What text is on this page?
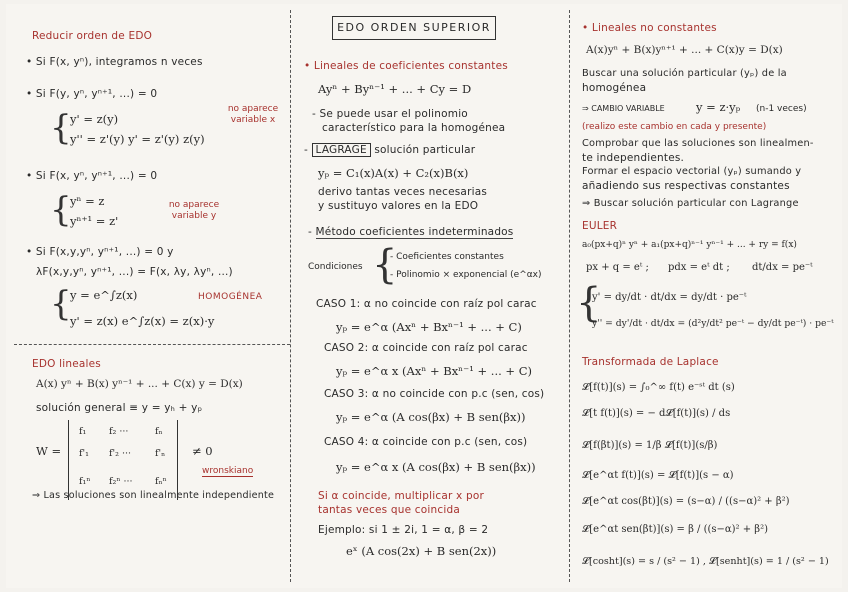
Reducir orden de EDO
• Si F(x, yⁿ), integramos n veces
• Si F(y, yⁿ, yⁿ⁺¹, ...) = 0
no aparece variable x
{
y' = z(y)
y'' = z'(y) y' = z'(y) z(y)
• Si F(x, yⁿ, yⁿ⁺¹, ...) = 0
{
yⁿ = z
yⁿ⁺¹ = z'
no aparece variable y
• Si F(x,y,yⁿ, yⁿ⁺¹, ...) = 0 y
λF(x,y,yⁿ, yⁿ⁺¹, ...) = F(x, λy, λyⁿ, ...)
{
y = e^∫z(x)	HOMOGÉNEA
y' = z(x) e^∫z(x) = z(x)·y
EDO lineales
A(x) yⁿ + B(x) yⁿ⁻¹ + ... + C(x) y = D(x)
solución general ≡ y = yₕ + yₚ
W =
f₁ f₂ ···	fₙ
f'₁ f'₂ ···	f'ₙ
f₁ⁿ f₂ⁿ ··· fₙⁿ
≠ 0
wronskiano
⇒ Las soluciones son linealmente independiente
EDO ORDEN SUPERIOR
• Lineales de coeficientes constantes
Ayⁿ + Byⁿ⁻¹ + ... + Cy = D
- Se puede usar el polinomio
característico para la homogénea
- LAGRAGE solución particular
yₚ = C₁(x)A(x) + C₂(x)B(x)
derivo tantas veces necesarias
y sustituyo valores en la EDO
- Método coeficientes indeterminados
Condiciones {
- Coeficientes constantes
- Polinomio × exponencial (e^αx)
CASO 1: α no coincide con raíz pol carac
yₚ = e^α (Axⁿ + Bxⁿ⁻¹ + ... + C)
CASO 2: α coincide con raíz pol carac
yₚ = e^α x (Axⁿ + Bxⁿ⁻¹ + ... + C)
CASO 3: α no coincide con p.c (sen, cos)
yₚ = e^α (A cos(βx) + B sen(βx))
CASO 4: α coincide con p.c (sen, cos)
yₚ = e^α x (A cos(βx) + B sen(βx))
Si α coincide, multiplicar x por
tantas veces que coincida
Ejemplo: si 1 ± 2i, 1 = α, β = 2
eˣ (A cos(2x) + B sen(2x))
• Lineales no constantes
A(x)yⁿ + B(x)yⁿ⁺¹ + ... + C(x)y = D(x)
Buscar una solución particular (yₚ) de la
homogénea
⇒ CAMBIO VARIABLE	y = z·yₚ (n-1 veces)
(realizo este cambio en cada y presente)
Comprobar que las soluciones son linealmen-
te independientes.
Formar el espacio vectorial (yₚ) sumando y
añadiendo sus respectivas constantes
⇒ Buscar solución particular con Lagrange
EULER
a₀(px+q)ⁿ yⁿ + a₁(px+q)ⁿ⁻¹ yⁿ⁻¹ + ... + ry = f(x)
px + q = eᵗ ; pdx = eᵗ dt ; dt/dx = pe⁻ᵗ
{
y' = dy/dt · dt/dx = dy/dt · pe⁻ᵗ
y'' = dy'/dt · dt/dx = (d²y/dt² pe⁻ᵗ − dy/dt pe⁻ᵗ) · pe⁻ᵗ
Transformada de Laplace
𝓛[f(t)](s) = ∫₀^∞ f(t) e⁻ˢᵗ dt (s)
𝓛[t f(t)](s) = − d𝓛[f(t)](s) / ds
𝓛[f(βt)](s) = 1/β 𝓛[f(t)](s/β)
𝓛[e^αt f(t)](s) = 𝓛[f(t)](s − α)
𝓛[e^αt cos(βt)](s) = (s−α) / ((s−α)² + β²)
𝓛[e^αt sen(βt)](s) = β / ((s−α)² + β²)
𝓛[cosht](s) = s / (s² − 1) , 𝓛[senht](s) = 1 / (s² − 1)
